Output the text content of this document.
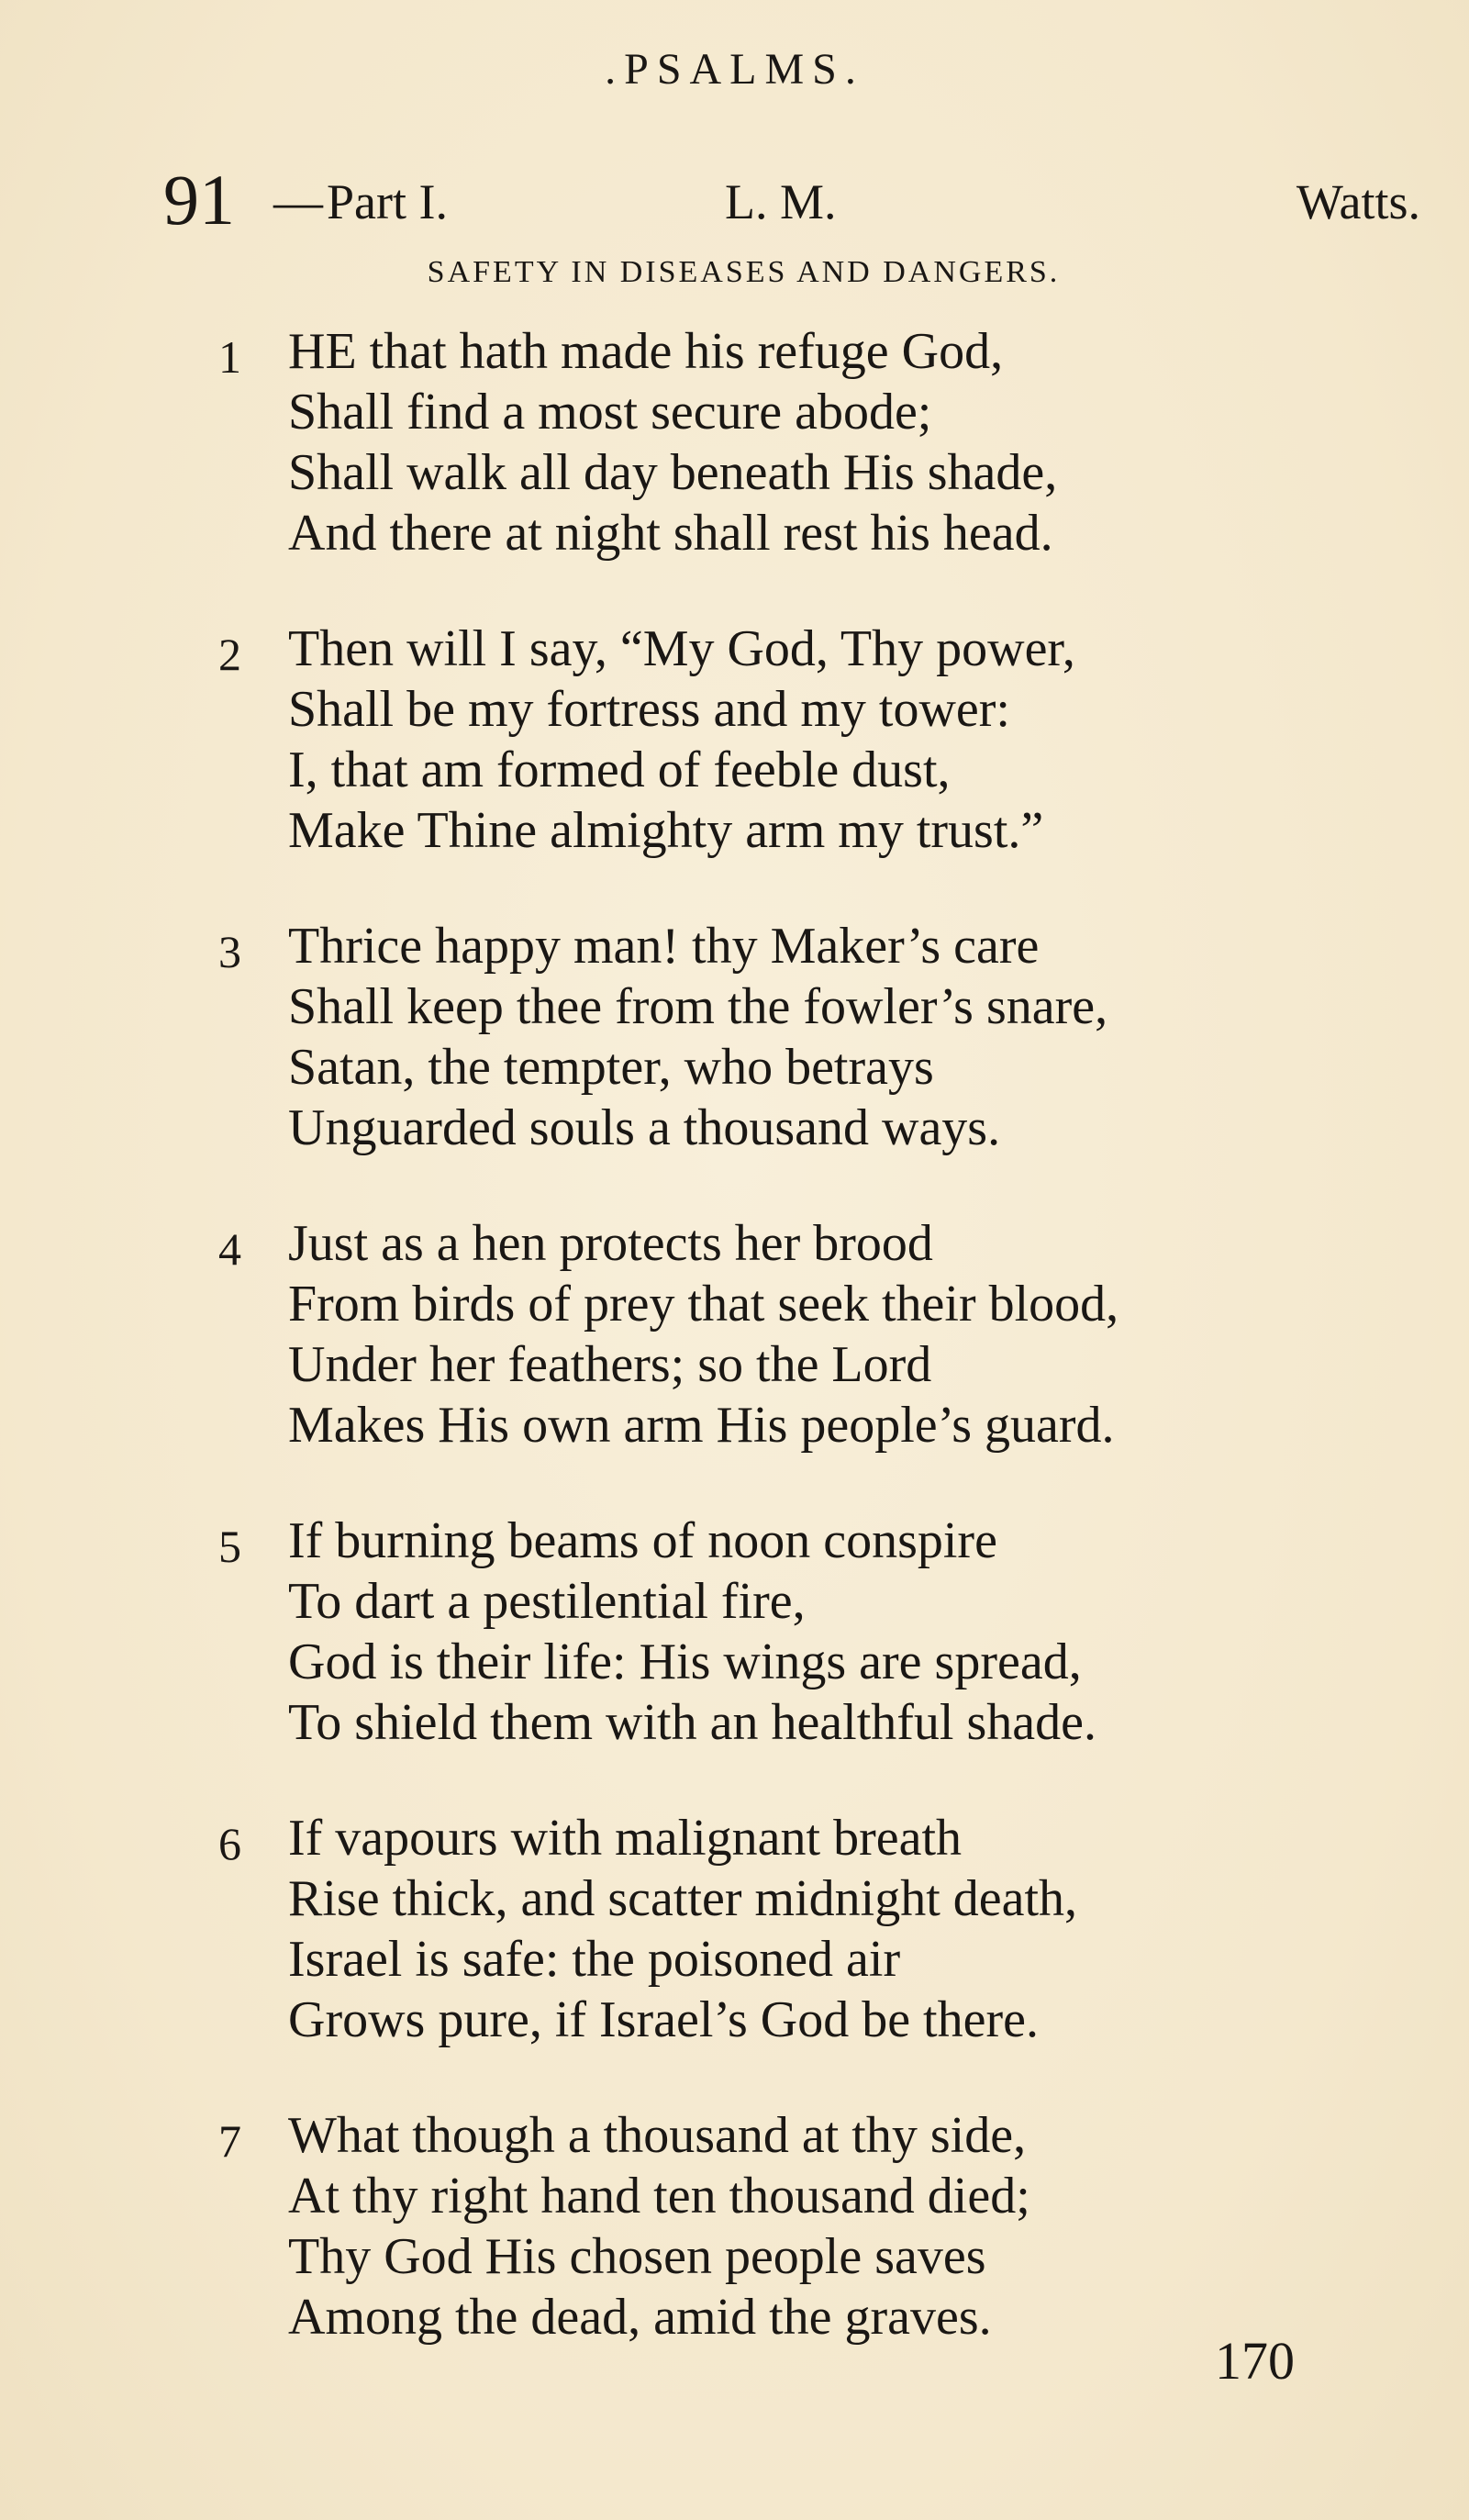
.PSALMS.
91 —Part I.	L. M.	Watts.
SAFETY IN DISEASES AND DANGERS.
1 HE that hath made his refuge God,
Shall find a most secure abode;
Shall walk all day beneath His shade,
And there at night shall rest his head.
2 Then will I say, “My God, Thy power,
Shall be my fortress and my tower:
I, that am formed of feeble dust,
Make Thine almighty arm my trust.”
3 Thrice happy man! thy Maker’s care
Shall keep thee from the fowler’s snare,
Satan, the tempter, who betrays
Unguarded souls a thousand ways.
4 Just as a hen protects her brood
From birds of prey that seek their blood,
Under her feathers; so the Lord
Makes His own arm His people’s guard.
5 If burning beams of noon conspire
To dart a pestilential fire,
God is their life: His wings are spread,
To shield them with an healthful shade.
6 If vapours with malignant breath
Rise thick, and scatter midnight death,
Israel is safe: the poisoned air
Grows pure, if Israel’s God be there.
7 What though a thousand at thy side,
At thy right hand ten thousand died;
Thy God His chosen people saves
Among the dead, amid the graves.
170
